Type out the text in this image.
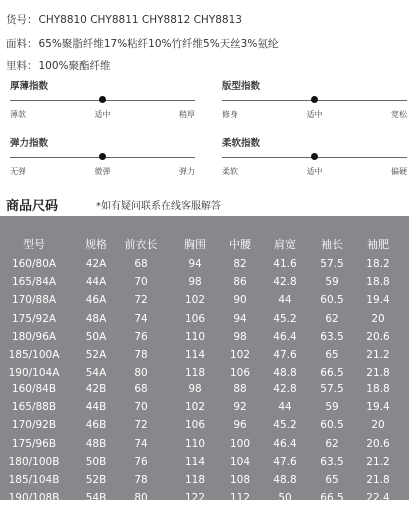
货号：CHY8810 CHY8811 CHY8812 CHY8813
面料：65%聚脂纤维17%粘纤10%竹纤维5%天丝3%氨纶
里料：100%聚酯纤维
厚薄指数
薄款	适中	稍厚
版型指数
修身	适中	宽松
弹力指数
无弹	微弹	弹力
柔软指数
柔软	适中	偏硬
商品尺码	*如有疑问联系在线客服解答
型号	规格	前衣长	胸围	中腰	肩宽	袖长	袖肥
160/80A	42A	68	94	82	41.6	57.5	18.2
165/84A	44A	70	98	86	42.8	59	18.8
170/88A	46A	72	102	90	44	60.5	19.4
175/92A	48A	74	106	94	45.2	62	20
180/96A	50A	76	110	98	46.4	63.5	20.6
185/100A	52A	78	114	102	47.6	65	21.2
190/104A	54A	80	118	106	48.8	66.5	21.8
160/84B	42B	68	98	88	42.8	57.5	18.8
165/88B	44B	70	102	92	44	59	19.4
170/92B	46B	72	106	96	45.2	60.5	20
175/96B	48B	74	110	100	46.4	62	20.6
180/100B	50B	76	114	104	47.6	63.5	21.2
185/104B	52B	78	118	108	48.8	65	21.8
190/108B	54B	80	122	112	50	66.5	22.4
